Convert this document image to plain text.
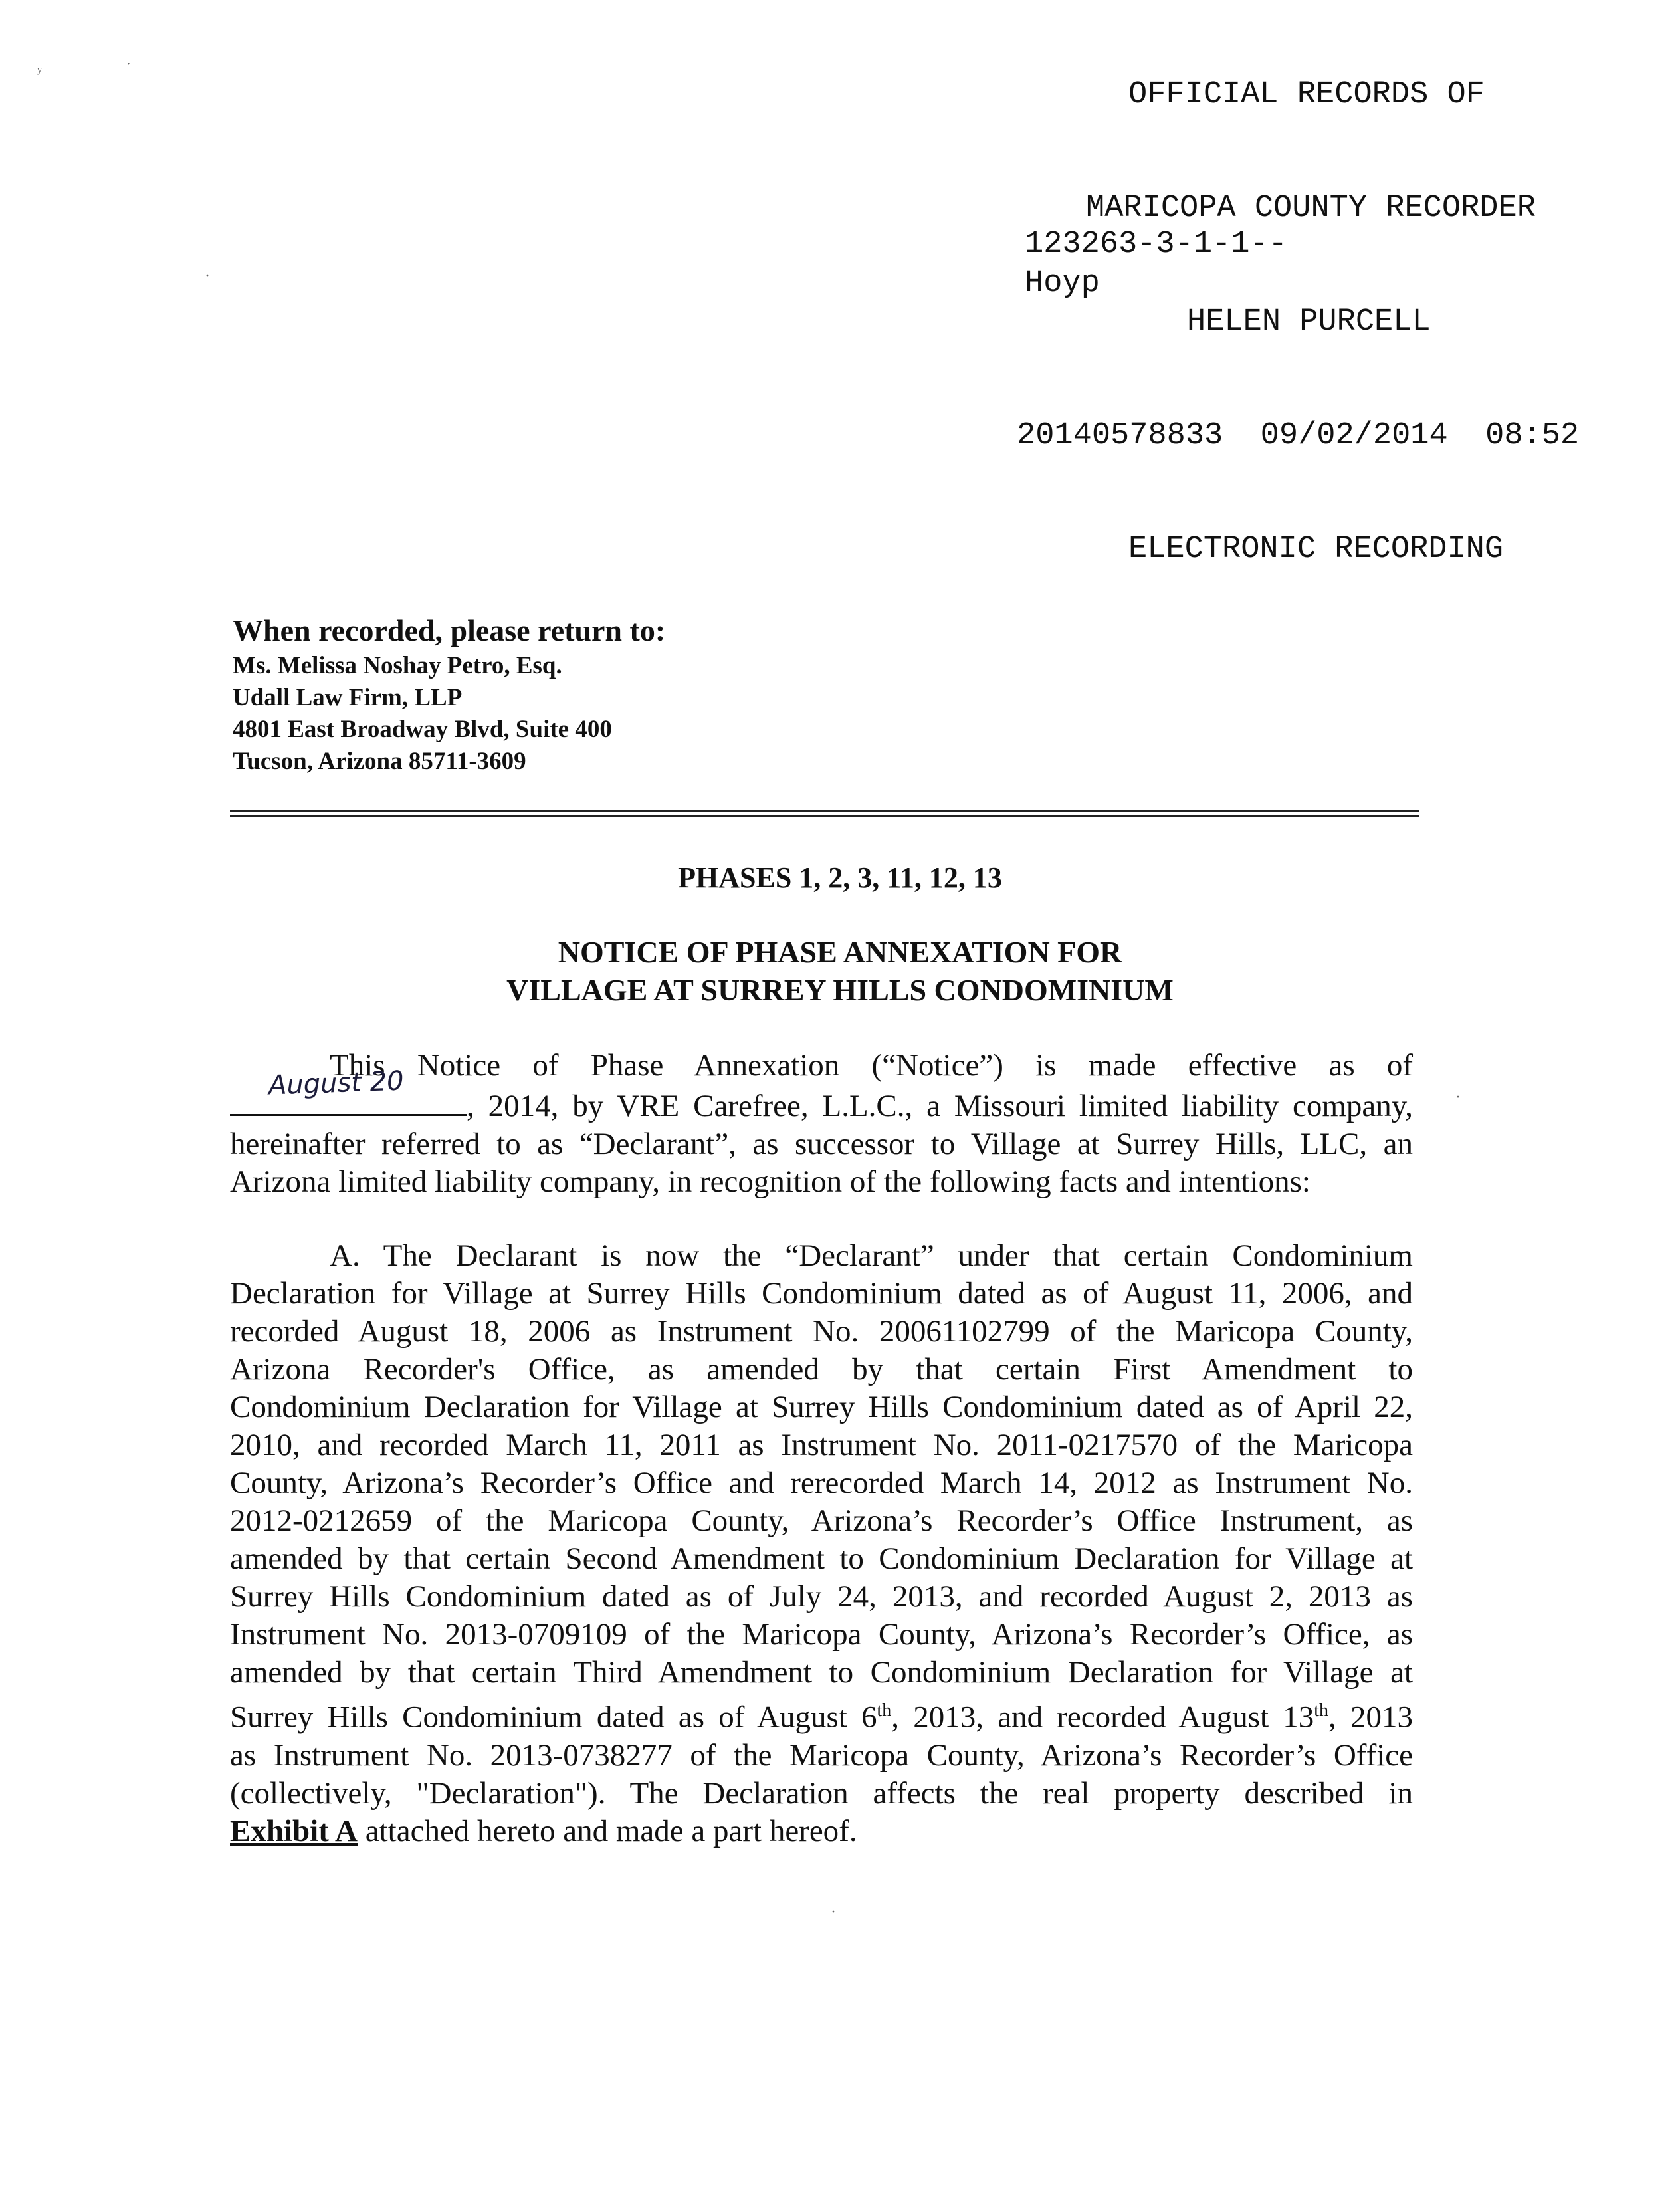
OFFICIAL RECORDS OF

MARICOPA COUNTY RECORDER

HELEN PURCELL

20140578833  09/02/2014  08:52

ELECTRONIC RECORDING

123263-3-1-1--
Hoyp
ʸ	ˑ
·
·
·
When recorded, please return to:
Ms. Melissa Noshay Petro, Esq.
Udall Law Firm, LLP
4801 East Broadway Blvd, Suite 400
Tucson, Arizona 85711-3609
PHASES 1, 2, 3, 11, 12, 13
NOTICE OF PHASE ANNEXATION FOR
VILLAGE AT SURREY HILLS CONDOMINIUM
This Notice of Phase Annexation (“Notice”) is made effective as of
August 20
, 2014, by VRE Carefree, L.L.C., a Missouri limited liability company,
hereinafter referred to as “Declarant”, as successor to Village at Surrey Hills, LLC, an
Arizona limited liability company, in recognition of the following facts and intentions:
A. The Declarant is now the “Declarant” under that certain Condominium
Declaration for Village at Surrey Hills Condominium dated as of August 11, 2006, and
recorded August 18, 2006 as Instrument No. 20061102799 of the Maricopa County,
Arizona Recorder's Office, as amended by that certain First Amendment to
Condominium Declaration for Village at Surrey Hills Condominium dated as of April 22,
2010, and recorded March 11, 2011 as Instrument No. 2011-0217570 of the Maricopa
County, Arizona’s Recorder’s Office and rerecorded March 14, 2012 as Instrument No.
2012-0212659 of the Maricopa County, Arizona’s Recorder’s Office Instrument, as
amended by that certain Second Amendment to Condominium Declaration for Village at
Surrey Hills Condominium dated as of July 24, 2013, and recorded August 2, 2013 as
Instrument No. 2013-0709109 of the Maricopa County, Arizona’s Recorder’s Office, as
amended by that certain Third Amendment to Condominium Declaration for Village at
Surrey Hills Condominium dated as of August 6th, 2013, and recorded August 13th, 2013
as Instrument No. 2013-0738277 of the Maricopa County, Arizona’s Recorder’s Office
(collectively, "Declaration"). The Declaration affects the real property described in
Exhibit A attached hereto and made a part hereof.
